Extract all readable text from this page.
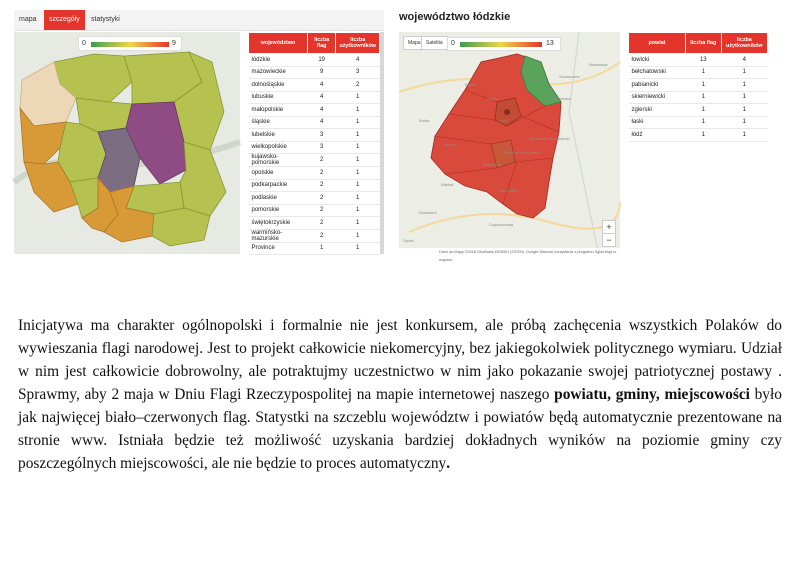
mapa	szczegóły	statystyki
0	9	województwo	liczba flag	liczba użytkowników
łódzkie	19	4
mazowieckie	9	3
dolnośląskie	4	2
lubuskie	4	1
małopolskie	4	1
śląskie	4	1
lubelskie	3	1
wielkopolskie	3	1
kujawsko-pomorskie	2	1
opolskie	2	1
podkarpackie	2	1
podlaskie	2	1
pomorskie	2	1
świętokrzyskie	2	1
warmińsko-mazurskie	2	1
Province	1	1
województwo łódzkie
Mapa	Satelita	0	13
Kutno
Łowicz
Sochaczew
Skierniewice
Zgierz
Łódź
Sieradz
Tomaszów Mazowiecki
Piotrków Trybunalski
Bełchatów
Radomsko
Wieluń
Kalisz
Kluczbork
Częstochowa
Opole
Warszawa
+
−
Dane do Mapy ©2018 GeoBasis-DE/BKG (©2009), Google Warunki korzystania z programu Zgłoś błąd w mapach
powiat	liczba flag	liczba użytkowników
łowicki	13	4
bełchatowski	1	1
pabianicki	1	1
skierniewicki	1	1
zgierski	1	1
łaski	1	1
łódź	1	1

Inicjatywa ma charakter ogólnopolski i formalnie nie jest konkursem, ale próbą zachęcenia wszystkich Polaków do wywieszania flagi narodowej. Jest to projekt całkowicie niekomercyjny, bez jakiegokolwiek politycznego wymiaru. Udział w nim jest całkowicie dobrowolny, ale potraktujmy uczestnictwo w nim jako pokazanie swojej patriotycznej postawy . Sprawmy, aby 2 maja w Dniu Flagi Rzeczypospolitej na mapie internetowej naszego powiatu, gminy, miejscowości było jak najwięcej biało–czerwonych flag. Statystki na szczeblu województw i powiatów będą automatycznie prezentowane na stronie www. Istniała będzie też możliwość uzyskania bardziej dokładnych wyników na poziomie gminy czy poszczególnych miejscowości, ale nie będzie to proces automatyczny.
